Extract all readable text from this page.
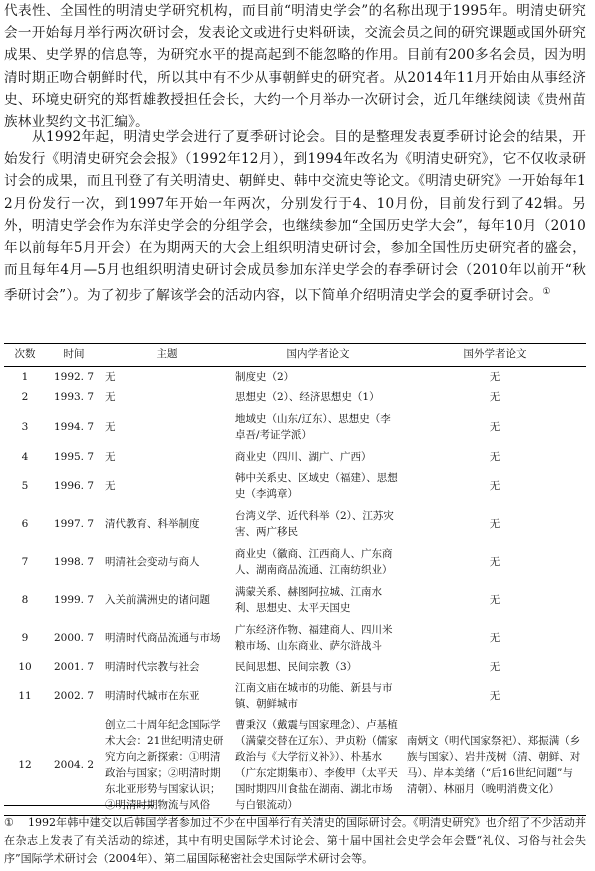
代表性、全国性的明清史学研究机构，而目前“明清史学会”的名称出现于1995年。明清史研究会一开始每月举行两次研讨会，发表论文或进行史料研读，交流会员之间的研究课题或国外研究成果、史学界的信息等，为研究水平的提高起到不能忽略的作用。目前有200多名会员，因为明清时期正吻合朝鲜时代，所以其中有不少从事朝鲜史的研究者。从2014年11月开始由从事经济史、环境史研究的郑哲雄教授担任会长，大约一个月举办一次研讨会，近几年继续阅读《贵州苗族林业契约文书汇编》。

从1992年起，明清史学会进行了夏季研讨论会。目的是整理发表夏季研讨论会的结果，开始发行《明清史研究会会报》（1992年12月），到1994年改名为《明清史研究》，它不仅收录研讨会的成果，而且刊登了有关明清史、朝鲜史、韩中交流史等论文。《明清史研究》一开始每年12月份发行一次，到1997年开始一年两次，分别发行于4、10月份，目前发行到了42辑。另外，明清史学会作为东洋史学会的分组学会，也继续参加“全国历史学大会”，每年10月（2010年以前每年5月开会）在为期两天的大会上组织明清史研讨会，参加全国性历史研究者的盛会，而且每年4月—5月也组织明清史研讨会成员参加东洋史学会的春季研讨会（2010年以前开“秋季研讨会”）。为了初步了解该学会的活动内容，以下简单介绍明清史学会的夏季研讨会。①

次数	时间	主题	国内学者论文	国外学者论文
1	1992. 7	无	制度史（2）	无
2	1993. 7	无	思想史（2）、经济思想史（1）	无
3	1994. 7	无	地域史（山东/辽东）、思想史（李卓吾/考证学派）	无
4	1995. 7	无	商业史（四川、湖广、广西）	无
5	1996. 7	无	韩中关系史、区域史（福建）、思想史（李鸿章）	无
6	1997. 7	清代教育、科举制度	台湾义学、近代科举（2）、江苏灾害、两广移民	无
7	1998. 7	明清社会变动与商人	商业史（徽商、江西商人、广东商人、湖南商品流通、江南纺织业）	无
8	1999. 7	入关前满洲史的诸问题	满蒙关系、赫图阿拉城、江南水利、思想史、太平天国史	无
9	2000. 7	明清时代商品流通与市场	广东经济作物、福建商人、四川米粮市场、山东商业、萨尔浒战斗	无
10	2001. 7	明清时代宗教与社会	民间思想、民间宗教（3）	无
11	2002. 7	明清时代城市在东亚	江南文庙在城市的功能、新县与市镇、朝鲜城市	无
12	2004. 2	创立二十周年纪念国际学术大会：21世纪明清史研究方向之新探索：①明清政治与国家；②明清时期东北亚形势与国家认识；③明清时期物流与风俗	曹秉汉（戴震与国家理念）、卢基植（满蒙交替在辽东）、尹贞粉（儒家政治与《大学衍义补》）、朴基水（广东定期集市）、李俊甲（太平天国时期四川食盐在湖南、湖北市场与白银流动）	南炳文（明代国家祭祀）、郑振满（乡族与国家）、岩井茂树（清、朝鲜、对马）、岸本美绪（“后16世纪问题”与清朝）、林丽月（晚明消费文化）

① 1992年韩中建交以后韩国学者参加过不少在中国举行有关清史的国际研讨会。《明清史研究》也介绍了不少活动并在杂志上发表了有关活动的综述，其中有明史国际学术讨论会、第十届中国社会史学会年会暨“礼仪、习俗与社会失序”国际学术研讨会（2004年）、第二届国际秘密社会史国际学术研讨会等。
